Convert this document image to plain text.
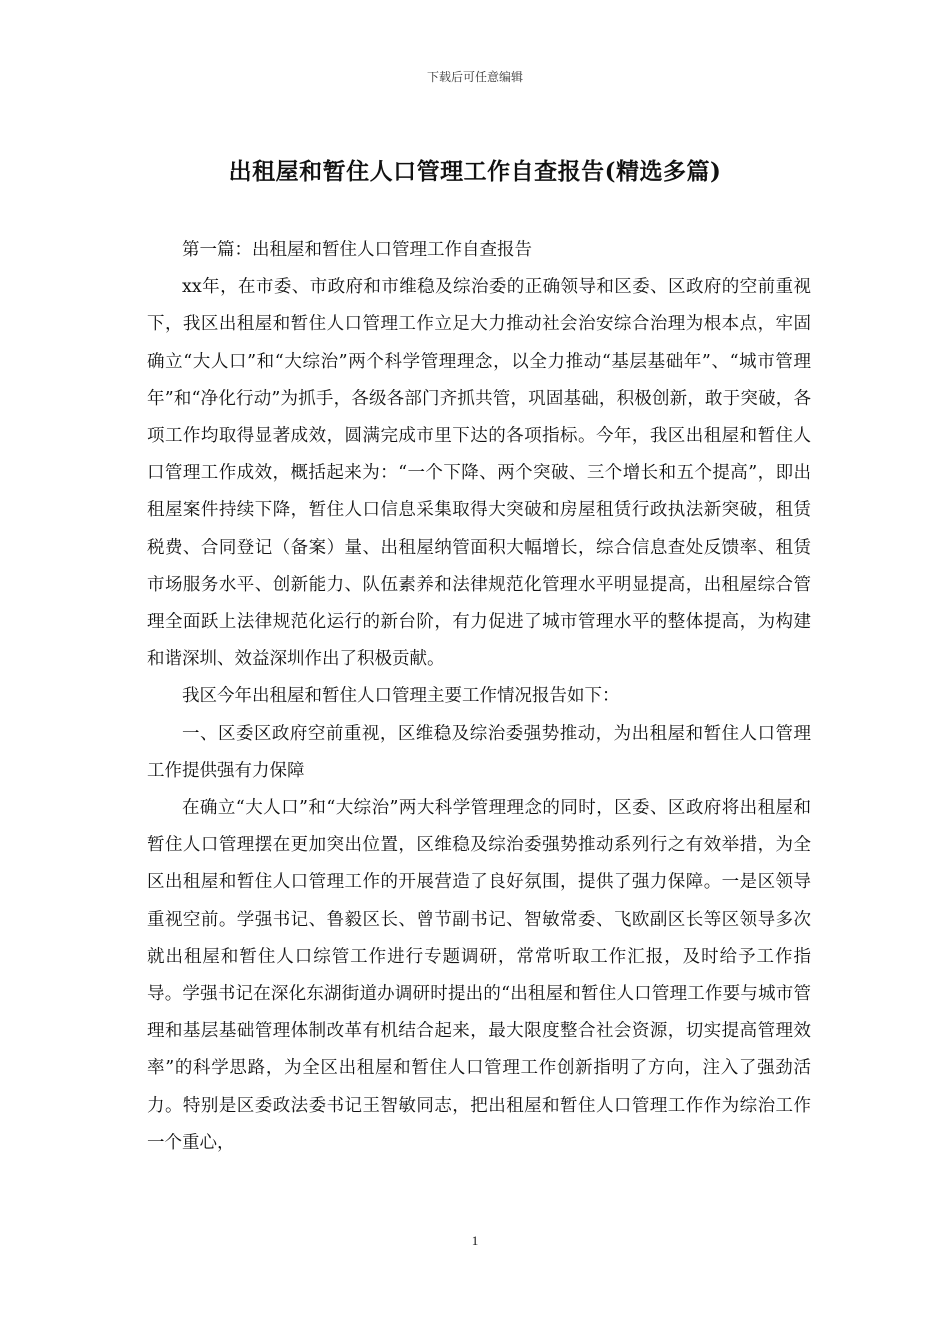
下载后可任意编辑
出租屋和暂住人口管理工作自查报告(精选多篇)

第一篇：出租屋和暂住人口管理工作自查报告

xx年，在市委、市政府和市维稳及综治委的正确领导和区委、区政府的空前重视下，我区出租屋和暂住人口管理工作立足大力推动社会治安综合治理为根本点，牢固确立“大人口”和“大综治”两个科学管理理念，以全力推动“基层基础年”、“城市管理年”和“净化行动”为抓手，各级各部门齐抓共管，巩固基础，积极创新，敢于突破，各项工作均取得显著成效，圆满完成市里下达的各项指标。今年，我区出租屋和暂住人口管理工作成效，概括起来为：“一个下降、两个突破、三个增长和五个提高”，即出租屋案件持续下降，暂住人口信息采集取得大突破和房屋租赁行政执法新突破，租赁税费、合同登记（备案）量、出租屋纳管面积大幅增长，综合信息查处反馈率、租赁市场服务水平、创新能力、队伍素养和法律规范化管理水平明显提高，出租屋综合管理全面跃上法律规范化运行的新台阶，有力促进了城市管理水平的整体提高，为构建和谐深圳、效益深圳作出了积极贡献。

我区今年出租屋和暂住人口管理主要工作情况报告如下：

一、区委区政府空前重视，区维稳及综治委强势推动，为出租屋和暂住人口管理工作提供强有力保障

在确立“大人口”和“大综治”两大科学管理理念的同时，区委、区政府将出租屋和暂住人口管理摆在更加突出位置，区维稳及综治委强势推动系列行之有效举措，为全区出租屋和暂住人口管理工作的开展营造了良好氛围，提供了强力保障。一是区领导重视空前。学强书记、鲁毅区长、曾节副书记、智敏常委、飞欧副区长等区领导多次就出租屋和暂住人口综管工作进行专题调研，常常听取工作汇报，及时给予工作指导。学强书记在深化东湖街道办调研时提出的“出租屋和暂住人口管理工作要与城市管理和基层基础管理体制改革有机结合起来，最大限度整合社会资源，切实提高管理效率”的科学思路，为全区出租屋和暂住人口管理工作创新指明了方向，注入了强劲活力。特别是区委政法委书记王智敏同志，把出租屋和暂住人口管理工作作为综治工作一个重心，

1
